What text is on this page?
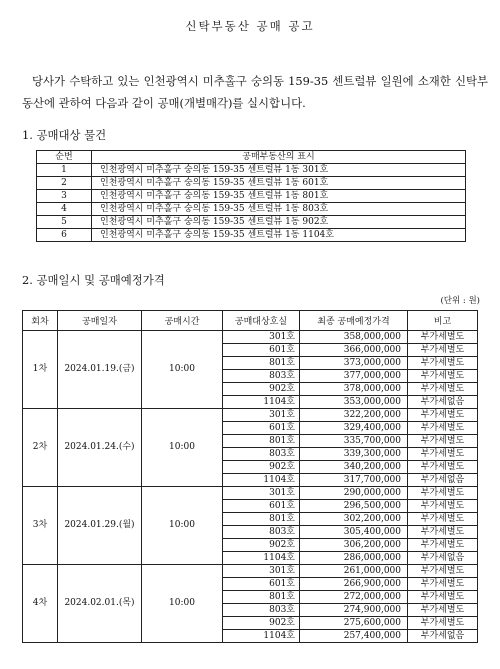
신탁부동산 공매 공고
당사가 수탁하고 있는 인천광역시 미추홀구 숭의동 159-35 센트럴뷰 일원에 소재한 신탁부동산에 관하여 다음과 같이 공매(개별매각)를 실시합니다.
1. 공매대상 물건
순번	공매부동산의 표시
1	인천광역시 미추홀구 숭의동 159-35 센트럴뷰 1동 301호
2	인천광역시 미추홀구 숭의동 159-35 센트럴뷰 1동 601호
3	인천광역시 미추홀구 숭의동 159-35 센트럴뷰 1동 801호
4	인천광역시 미추홀구 숭의동 159-35 센트럴뷰 1동 803호
5	인천광역시 미추홀구 숭의동 159-35 센트럴뷰 1동 902호
6	인천광역시 미추홀구 숭의동 159-35 센트럴뷰 1동 1104호
2. 공매일시 및 공매예정가격
(단위 : 원)
회차	공매일자	공매시간	공매대상호실	최종 공매예정가격	비고
1차	2024.01.19.(금)	10:00	301호	358,000,000	부가세별도
			601호	366,000,000	부가세별도
			801호	373,000,000	부가세별도
			803호	377,000,000	부가세별도
			902호	378,000,000	부가세별도
			1104호	353,000,000	부가세없음
2차	2024.01.24.(수)	10:00	301호	322,200,000	부가세별도
			601호	329,400,000	부가세별도
			801호	335,700,000	부가세별도
			803호	339,300,000	부가세별도
			902호	340,200,000	부가세별도
			1104호	317,700,000	부가세없음
3차	2024.01.29.(월)	10:00	301호	290,000,000	부가세별도
			601호	296,500,000	부가세별도
			801호	302,200,000	부가세별도
			803호	305,400,000	부가세별도
			902호	306,200,000	부가세별도
			1104호	286,000,000	부가세없음
4차	2024.02.01.(목)	10:00	301호	261,000,000	부가세별도
			601호	266,900,000	부가세별도
			801호	272,000,000	부가세별도
			803호	274,900,000	부가세별도
			902호	275,600,000	부가세별도
			1104호	257,400,000	부가세없음
